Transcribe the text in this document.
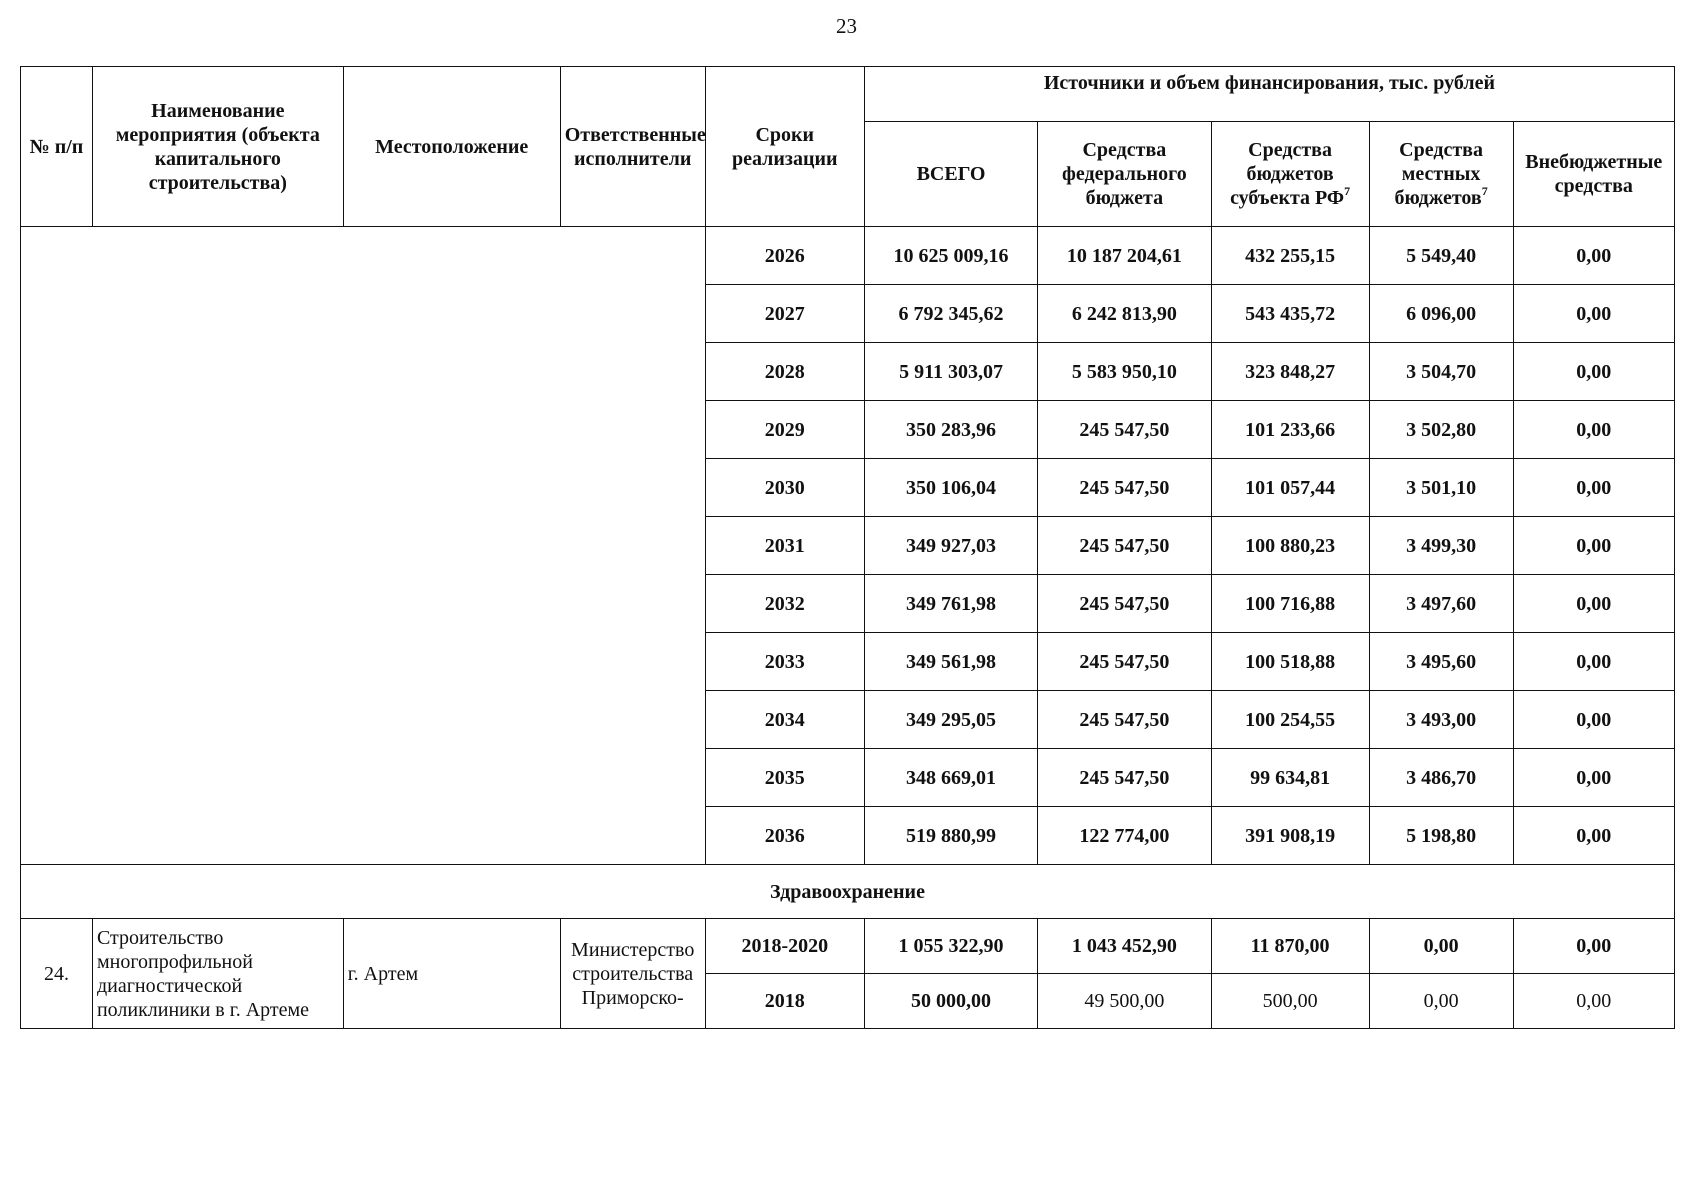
23
№ п/п	Наименование мероприятия (объекта капитального строительства)	Местоположение	Ответственные исполнители	Сроки реализации	Источники и объем финансирования, тыс. рублей				
					ВСЕГО	Средства федерального бюджета	Средства бюджетов субъекта $РФ^7$	Средства местных бюджетов$^7$	Внебюджетные средства
				2026	10 625 009,16	10 187 204,61	432 255,15	5 549,40	0,00
				2027	6 792 345,62	6 242 813,90	543 435,72	6 096,00	0,00
				2028	5 911 303,07	5 583 950,10	323 848,27	3 504,70	0,00
				2029	350 283,96	245 547,50	101 233,66	3 502,80	0,00
				2030	350 106,04	245 547,50	101 057,44	3 501,10	0,00
				2031	349 927,03	245 547,50	100 880,23	3 499,30	0,00
				2032	349 761,98	245 547,50	100 716,88	3 497,60	0,00
				2033	349 561,98	245 547,50	100 518,88	3 495,60	0,00
				2034	349 295,05	245 547,50	100 254,55	3 493,00	0,00
				2035	348 669,01	245 547,50	99 634,81	3 486,70	0,00
				2036	519 880,99	122 774,00	391 908,19	5 198,80	0,00
Здравоохранение									
24.	Строительство многопрофильной диагностической поликлиники в г. Артеме	г. Артем	Министерство строительства Приморско-	2018-2020	1 055 322,90	1 043 452,90	11 870,00	0,00	0,00
				2018	50 000,00	49 500,00	500,00	0,00	0,00
